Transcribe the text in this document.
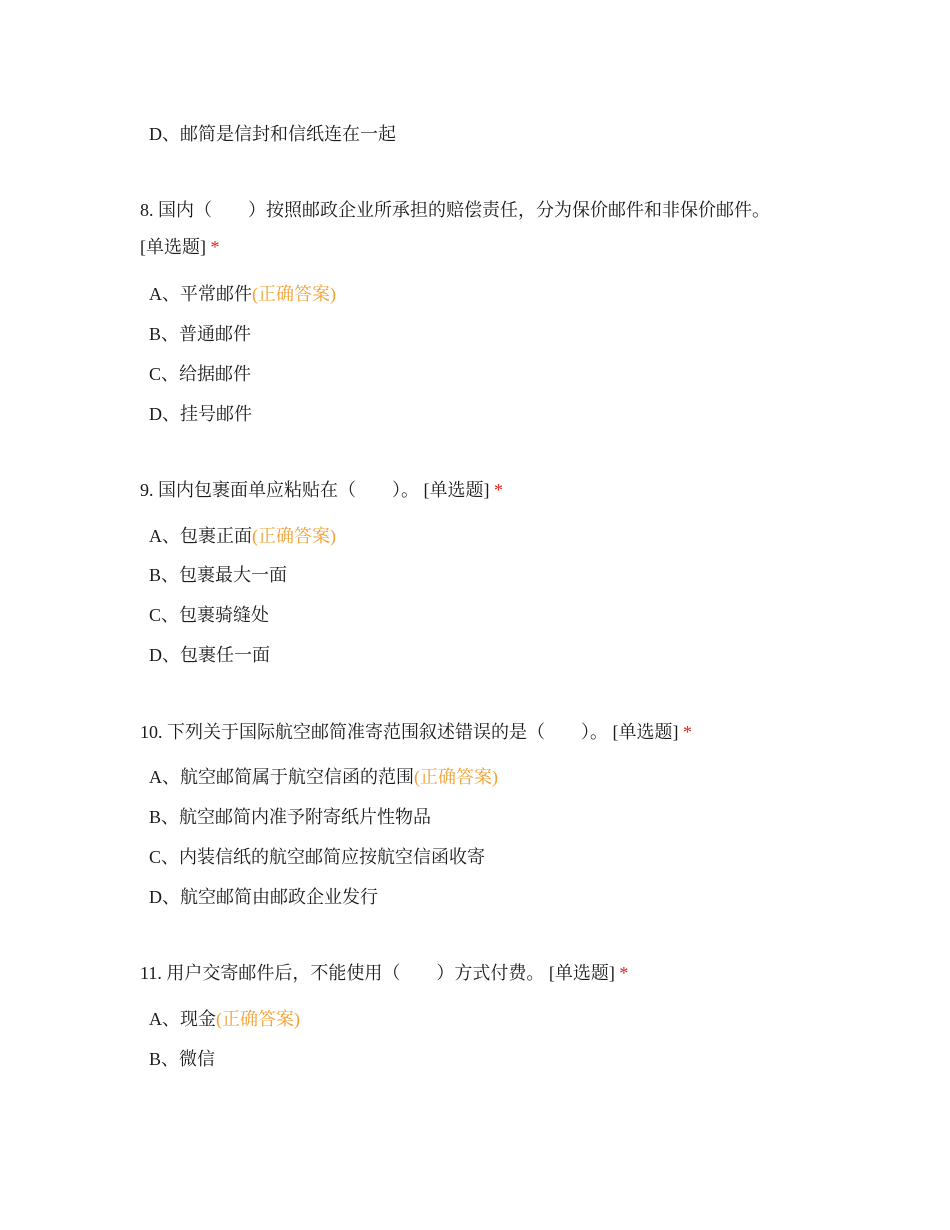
D、邮简是信封和信纸连在一起
8. 国内（　　）按照邮政企业所承担的赔偿责任，分为保价邮件和非保价邮件。
[单选题] *
A、平常邮件(正确答案)
B、普通邮件
C、给据邮件
D、挂号邮件
9. 国内包裹面单应粘贴在（　　）。 [单选题] *
A、包裹正面(正确答案)
B、包裹最大一面
C、包裹骑缝处
D、包裹任一面
10. 下列关于国际航空邮简准寄范围叙述错误的是（　　）。 [单选题] *
A、航空邮简属于航空信函的范围(正确答案)
B、航空邮简内准予附寄纸片性物品
C、内装信纸的航空邮简应按航空信函收寄
D、航空邮简由邮政企业发行
11. 用户交寄邮件后，不能使用（　　）方式付费。 [单选题] *
A、现金(正确答案)
B、微信
